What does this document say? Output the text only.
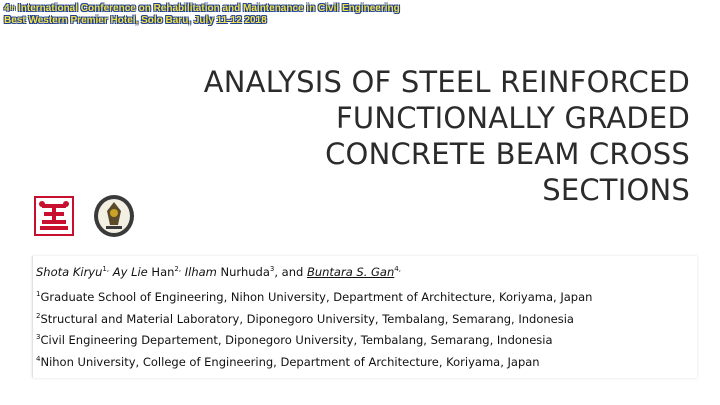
4th International Conference on Rehabilitation and Maintenance in Civil Engineering
Best Western Premier Hotel, Solo Baru, July 11-12 2018
ANALYSIS OF STEEL REINFORCED
FUNCTIONALLY GRADED
CONCRETE BEAM CROSS
SECTIONS
Shota Kiryu$^{1,}$ Ay Lie Han$^{2,}$ Ilham Nurhuda$^3$, and Buntara S. Gan$^{4,}$
$^1$Graduate School of Engineering, Nihon University, Department of Architecture, Koriyama, Japan
$^2$Structural and Material Laboratory, Diponegoro University, Tembalang, Semarang, Indonesia
$^3$Civil Engineering Departement, Diponegoro University, Tembalang, Semarang, Indonesia
$^4$Nihon University, College of Engineering, Department of Architecture, Koriyama, Japan
